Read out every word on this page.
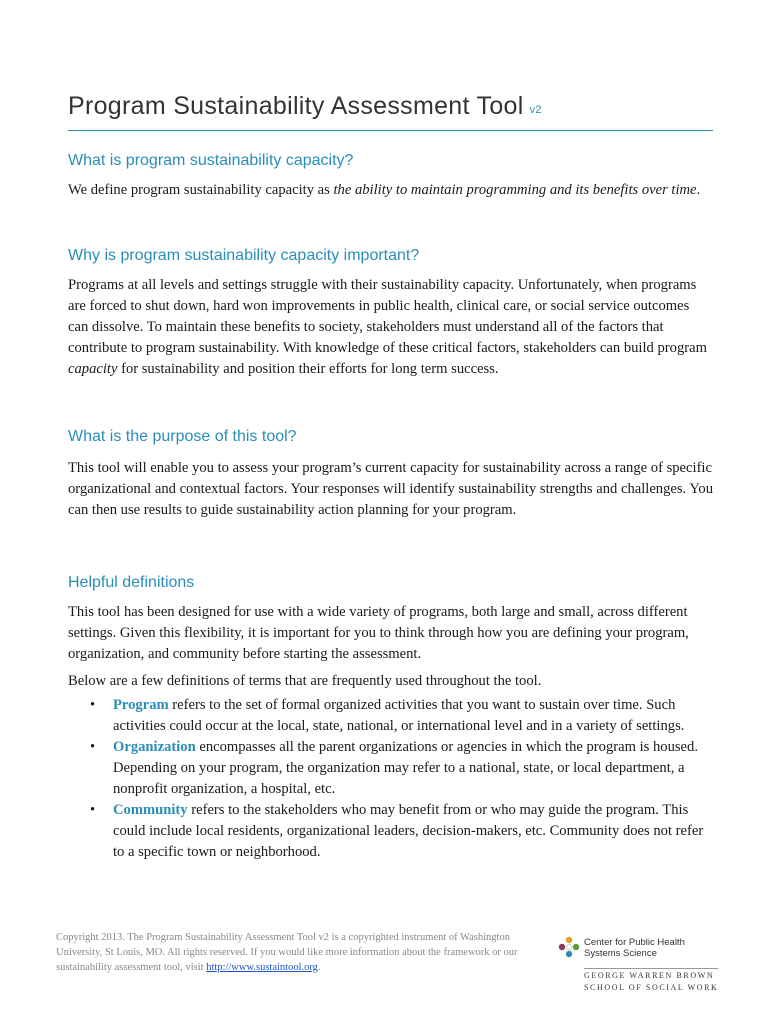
Program Sustainability Assessment Tool v2
What is program sustainability capacity?

We define program sustainability capacity as the ability to maintain programming and its benefits over time.

Why is program sustainability capacity important?

Programs at all levels and settings struggle with their sustainability capacity. Unfortunately, when programs are forced to shut down, hard won improvements in public health, clinical care, or social service outcomes can dissolve. To maintain these benefits to society, stakeholders must understand all of the factors that contribute to program sustainability. With knowledge of these critical factors, stakeholders can build program capacity for sustainability and position their efforts for long term success.

What is the purpose of this tool?

This tool will enable you to assess your program’s current capacity for sustainability across a range of specific organizational and contextual factors. Your responses will identify sustainability strengths and challenges. You can then use results to guide sustainability action planning for your program.

Helpful definitions

This tool has been designed for use with a wide variety of programs, both large and small, across different settings. Given this flexibility, it is important for you to think through how you are defining your program, organization, and community before starting the assessment.

Below are a few definitions of terms that are frequently used throughout the tool.

• Program refers to the set of formal organized activities that you want to sustain over time. Such activities could occur at the local, state, national, or international level and in a variety of settings.
• Organization encompasses all the parent organizations or agencies in which the program is housed. Depending on your program, the organization may refer to a national, state, or local department, a nonprofit organization, a hospital, etc.
• Community refers to the stakeholders who may benefit from or who may guide the program. This could include local residents, organizational leaders, decision-makers, etc. Community does not refer to a specific town or neighborhood.
Copyright 2013. The Program Sustainability Assessment Tool v2 is a copyrighted instrument of Washington University, St Louis, MO. All rights reserved. If you would like more information about the framework or our sustainability assessment tool, visit http://www.sustaintool.org.
Center for Public Health
Systems Science
GEORGE WARREN BROWN
SCHOOL OF SOCIAL WORK
